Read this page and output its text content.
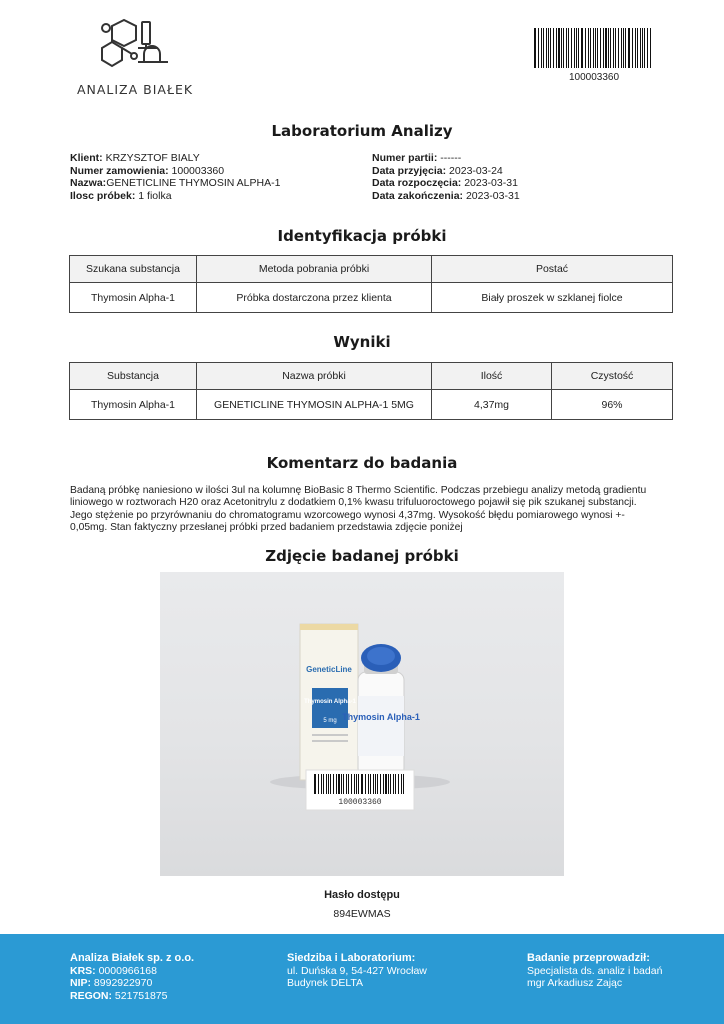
ANALIZA BIAŁEK
100003360
Laboratorium Analizy
Klient: KRZYSZTOF BIALY
Numer zamowienia: 100003360
Nazwa:GENETICLINE THYMOSIN ALPHA-1
Ilosc próbek: 1 fiolka
Numer partii: ------
Data przyjęcia: 2023-03-24
Data rozpoczęcia: 2023-03-31
Data zakończenia: 2023-03-31
Identyfikacja próbki
Szukana substancja	Metoda pobrania próbki	Postać
Thymosin Alpha-1	Próbka dostarczona przez klienta	Biały proszek w szklanej fiolce
Wyniki
Substancja	Nazwa próbki	Ilość	Czystość
Thymosin Alpha-1	GENETICLINE THYMOSIN ALPHA-1 5MG	4,37mg	96%
Komentarz do badania
Badaną próbkę naniesiono w ilości 3ul na kolumnę BioBasic 8 Thermo Scientific. Podczas przebiegu analizy metodą gradientu liniowego w roztworach H20 oraz Acetonitrylu z dodatkiem 0,1% kwasu trifuluoroctowego pojawił się pik szukanej substancji. Jego stężenie po przyrównaniu do chromatogramu wzorcowego wynosi 4,37mg. Wysokość błędu pomiarowego wynosi +- 0,05mg. Stan faktyczny przesłanej próbki przed badaniem przedstawia zdjęcie poniżej
Zdjęcie badanej próbki
GeneticLine
Thymosin Alpha-1
5 mg Thymosin Alpha-1
100003360
Hasło dostępu
894EWMAS
Analiza Białek sp. z o.o.
KRS: 0000966168
NIP: 8992922970
REGON: 521751875
Siedziba i Laboratorium:
ul. Duńska 9, 54-427 Wrocław
Budynek DELTA
Badanie przeprowadził:
Specjalista ds. analiz i badań
mgr Arkadiusz Zając
